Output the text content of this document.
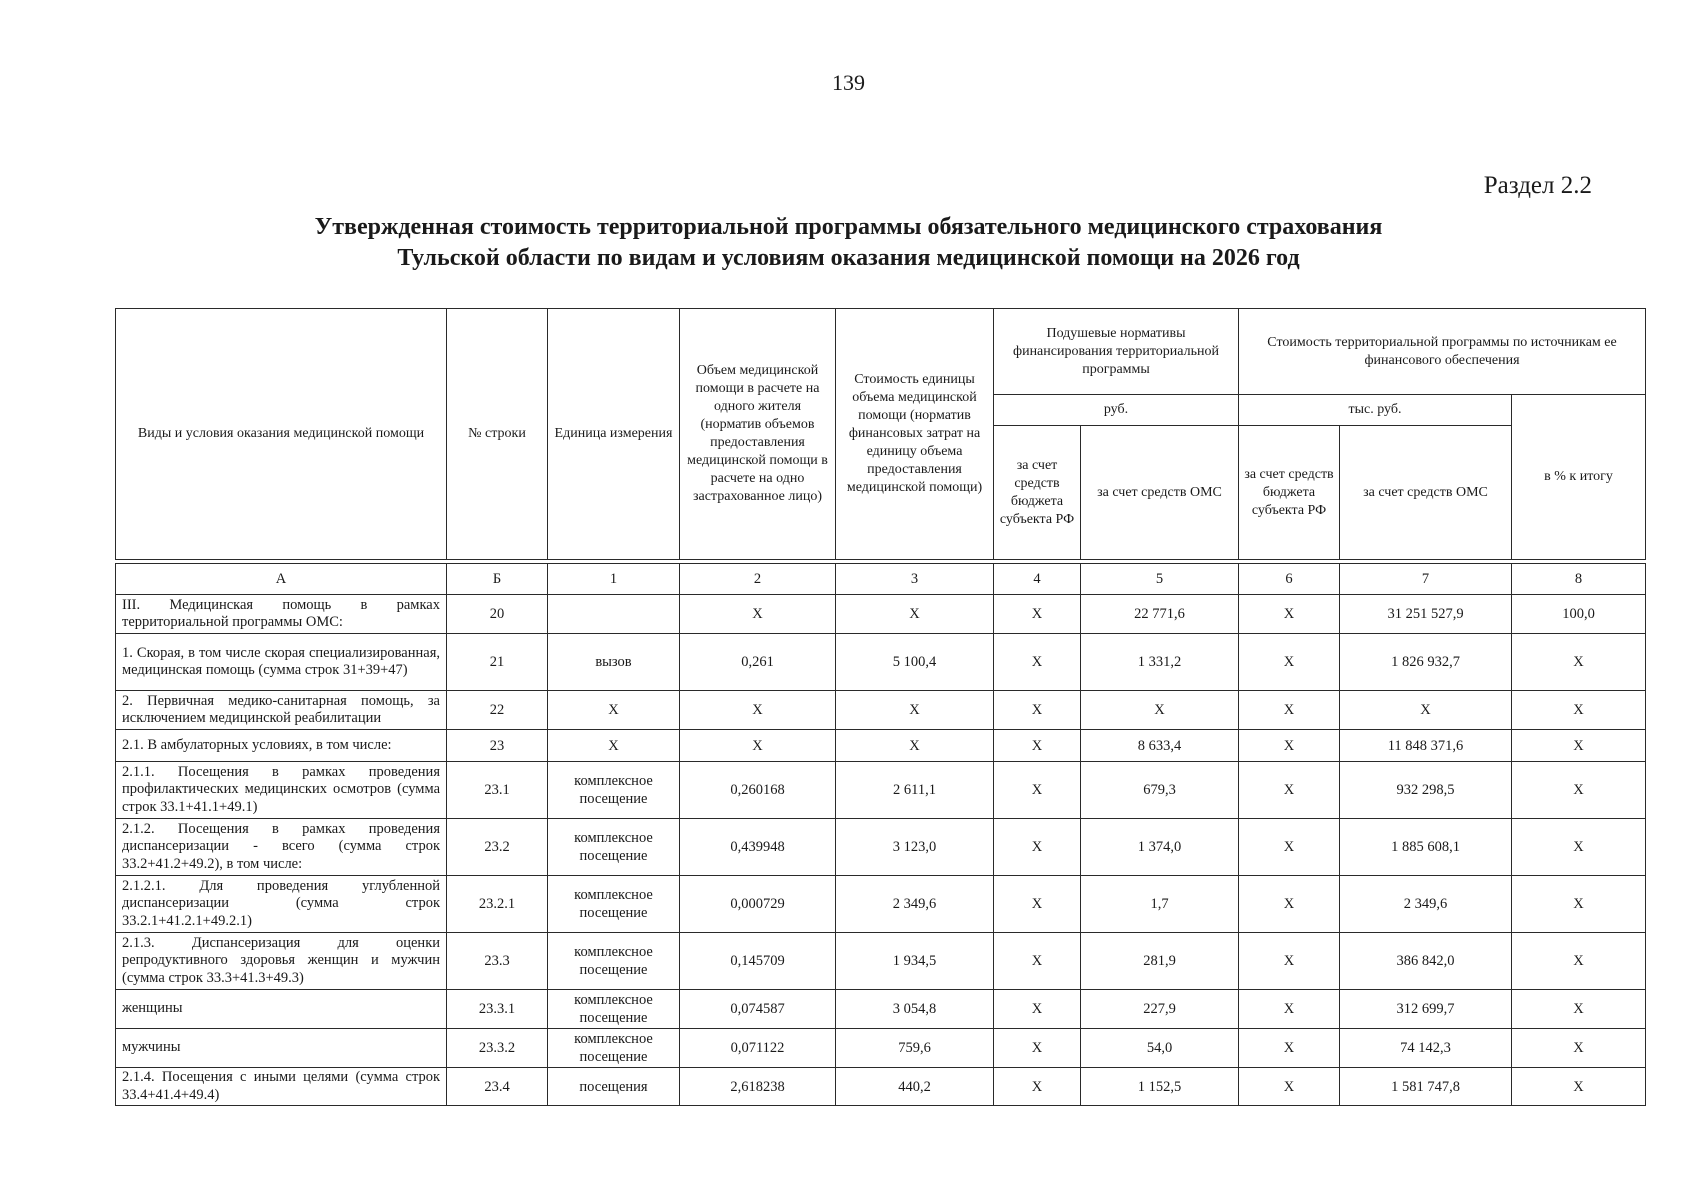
139
Раздел 2.2
Утвержденная стоимость территориальной программы обязательного медицинского страхования
Тульской области по видам и условиям оказания медицинской помощи на 2026 год
Виды и условия оказания медицинской помощи	№ строки	Единица измерения	Объем медицинской помощи в расчете на одного жителя (норматив объемов предоставления медицинской помощи в расчете на одно застрахованное лицо)	Стоимость единицы объема медицинской помощи (норматив финансовых затрат на единицу объема предоставления медицинской помощи)	Подушевые нормативы финансирования территориальной программы		Стоимость территориальной программы по источникам ее финансового обеспечения		
					руб.		тыс. руб.		в % к итогу
					за счет средств бюджета субъекта РФ	за счет средств ОМС	за счет средств бюджета субъекта РФ	за счет средств ОМС	
А	Б	1	2	3	4	5	6	7	8
III. Медицинская помощь в рамках территориальной программы ОМС:	20		Х	Х	Х	22 771,6	Х	31 251 527,9	100,0
1. Скорая, в том числе скорая специализированная, медицинская помощь (сумма строк 31+39+47)	21	вызов	0,261	5 100,4	Х	1 331,2	Х	1 826 932,7	Х
2. Первичная медико-санитарная помощь, за исключением медицинской реабилитации	22	Х	Х	Х	Х	Х	Х	Х	Х
2.1. В амбулаторных условиях, в том числе:	23	Х	Х	Х	Х	8 633,4	Х	11 848 371,6	Х
2.1.1. Посещения в рамках проведения профилактических медицинских осмотров (сумма строк 33.1+41.1+49.1)	23.1	комплексное посещение	0,260168	2 611,1	Х	679,3	Х	932 298,5	Х
2.1.2. Посещения в рамках проведения диспансеризации - всего (сумма строк 33.2+41.2+49.2), в том числе:	23.2	комплексное посещение	0,439948	3 123,0	Х	1 374,0	Х	1 885 608,1	Х
2.1.2.1. Для проведения углубленной диспансеризации (сумма строк 33.2.1+41.2.1+49.2.1)	23.2.1	комплексное посещение	0,000729	2 349,6	Х	1,7	Х	2 349,6	Х
2.1.3. Диспансеризация для оценки репродуктивного здоровья женщин и мужчин (сумма строк 33.3+41.3+49.3)	23.3	комплексное посещение	0,145709	1 934,5	Х	281,9	Х	386 842,0	Х
женщины	23.3.1	комплексное посещение	0,074587	3 054,8	Х	227,9	Х	312 699,7	Х
мужчины	23.3.2	комплексное посещение	0,071122	759,6	Х	54,0	Х	74 142,3	Х
2.1.4. Посещения с иными целями (сумма строк 33.4+41.4+49.4)	23.4	посещения	2,618238	440,2	Х	1 152,5	Х	1 581 747,8	Х
